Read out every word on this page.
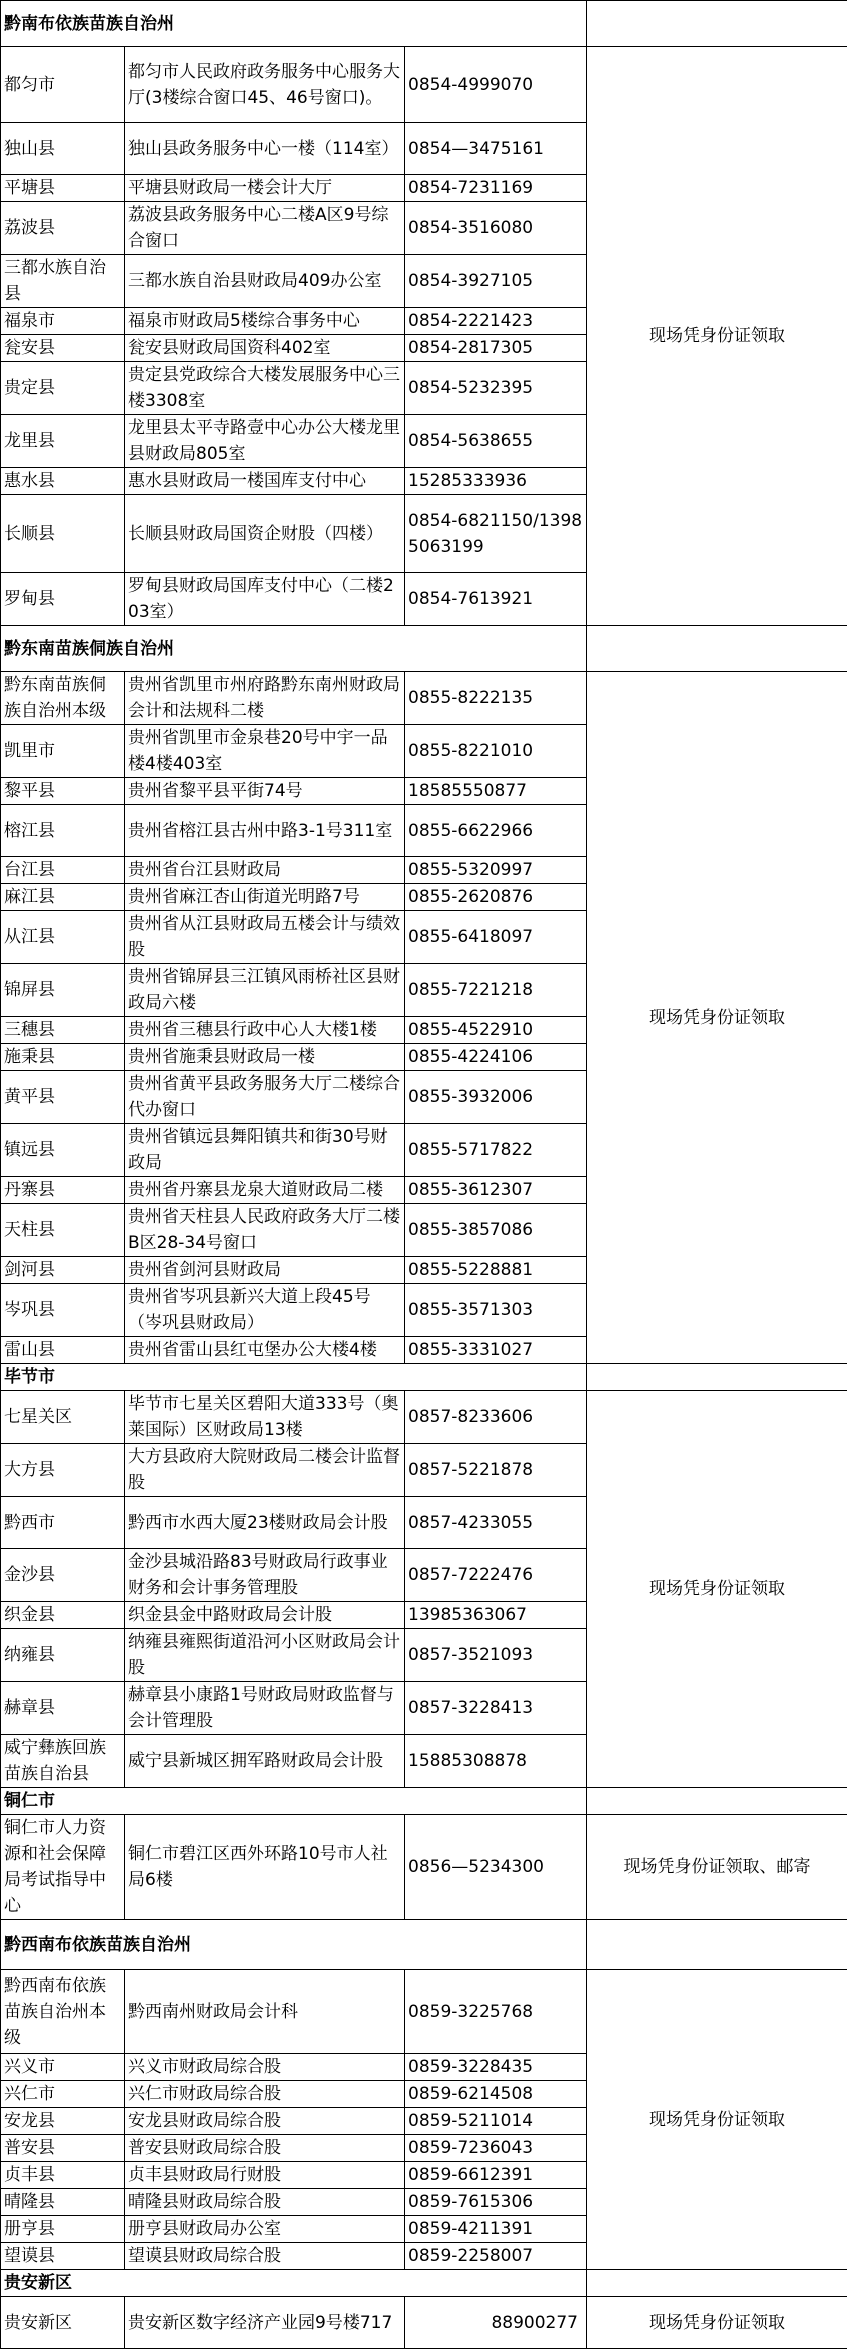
黔南布依族苗族自治州			
都匀市	都匀市人民政府政务服务中心服务大厅(3楼综合窗口45、46号窗口)。	0854-4999070	现场凭身份证领取
独山县	独山县政务服务中心一楼（114室）	0854—3475161	
平塘县	平塘县财政局一楼会计大厅	0854-7231169	
荔波县	荔波县政务服务中心二楼A区9号综合窗口	0854-3516080	
三都水族自治县	三都水族自治县财政局409办公室	0854-3927105	
福泉市	福泉市财政局5楼综合事务中心	0854-2221423	
瓮安县	瓮安县财政局国资科402室	0854-2817305	
贵定县	贵定县党政综合大楼发展服务中心三楼3308室	0854-5232395	
龙里县	龙里县太平寺路壹中心办公大楼龙里县财政局805室	0854-5638655	
惠水县	惠水县财政局一楼国库支付中心	15285333936	
长顺县	长顺县财政局国资企财股（四楼）	0854-6821150/13985063199	
罗甸县	罗甸县财政局国库支付中心（二楼203室）	0854-7613921	
黔东南苗族侗族自治州			
黔东南苗族侗族自治州本级	贵州省凯里市州府路黔东南州财政局会计和法规科二楼	0855-8222135	现场凭身份证领取
凯里市	贵州省凯里市金泉巷20号中宇一品楼4楼403室	0855-8221010	
黎平县	贵州省黎平县平街74号	18585550877	
榕江县	贵州省榕江县古州中路3-1号311室	0855-6622966	
台江县	贵州省台江县财政局	0855-5320997	
麻江县	贵州省麻江杏山街道光明路7号	0855-2620876	
从江县	贵州省从江县财政局五楼会计与绩效股	0855-6418097	
锦屏县	贵州省锦屏县三江镇风雨桥社区县财政局六楼	0855-7221218	
三穗县	贵州省三穗县行政中心人大楼1楼	0855-4522910	
施秉县	贵州省施秉县财政局一楼	0855-4224106	
黄平县	贵州省黄平县政务服务大厅二楼综合代办窗口	0855-3932006	
镇远县	贵州省镇远县舞阳镇共和街30号财政局	0855-5717822	
丹寨县	贵州省丹寨县龙泉大道财政局二楼	0855-3612307	
天柱县	贵州省天柱县人民政府政务大厅二楼B区28-34号窗口	0855-3857086	
剑河县	贵州省剑河县财政局	0855-5228881	
岑巩县	贵州省岑巩县新兴大道上段45号（岑巩县财政局）	0855-3571303	
雷山县	贵州省雷山县红屯堡办公大楼4楼	0855-3331027	
毕节市			
七星关区	毕节市七星关区碧阳大道333号（奥莱国际）区财政局13楼	0857-8233606	现场凭身份证领取
大方县	大方县政府大院财政局二楼会计监督股	0857-5221878	
黔西市	黔西市水西大厦23楼财政局会计股	0857-4233055	
金沙县	金沙县城沿路83号财政局行政事业财务和会计事务管理股	0857-7222476	
织金县	织金县金中路财政局会计股	13985363067	
纳雍县	纳雍县雍熙街道沿河小区财政局会计股	0857-3521093	
赫章县	赫章县小康路1号财政局财政监督与会计管理股	0857-3228413	
威宁彝族回族苗族自治县	威宁县新城区拥军路财政局会计股	15885308878	
铜仁市			
铜仁市人力资源和社会保障局考试指导中心	铜仁市碧江区西外环路10号市人社局6楼	0856—5234300	现场凭身份证领取、邮寄
黔西南布依族苗族自治州			
黔西南布依族苗族自治州本级	黔西南州财政局会计科	0859-3225768	现场凭身份证领取
兴义市	兴义市财政局综合股	0859-3228435	
兴仁市	兴仁市财政局综合股	0859-6214508	
安龙县	安龙县财政局综合股	0859-5211014	
普安县	普安县财政局综合股	0859-7236043	
贞丰县	贞丰县财政局行财股	0859-6612391	
晴隆县	晴隆县财政局综合股	0859-7615306	
册亨县	册亨县财政局办公室	0859-4211391	
望谟县	望谟县财政局综合股	0859-2258007	
贵安新区			
贵安新区	贵安新区数字经济产业园9号楼717	88900277	现场凭身份证领取
